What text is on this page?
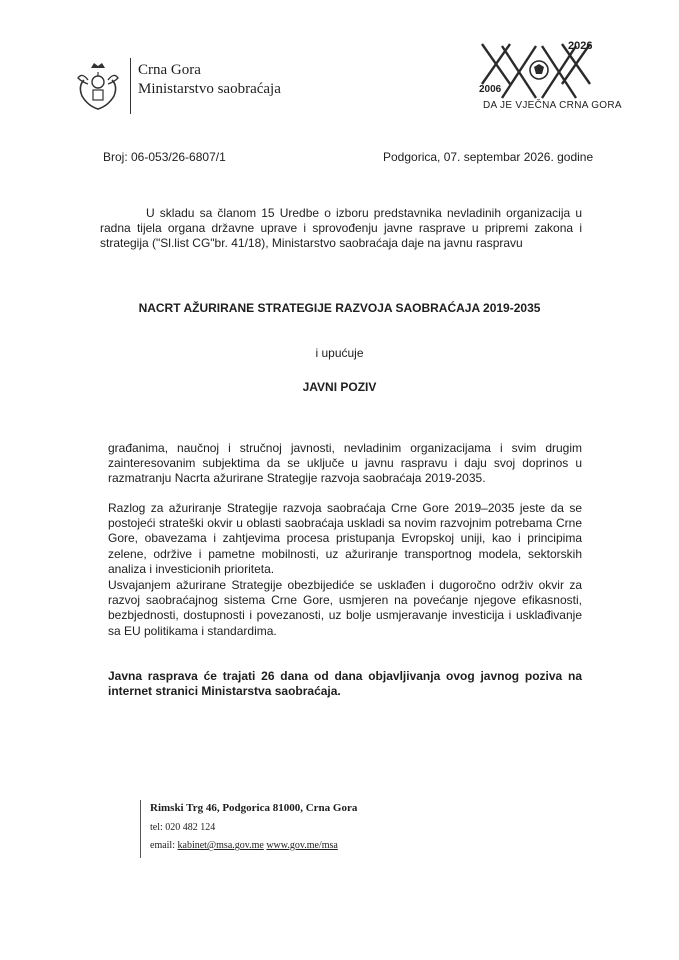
Crna Gora
Ministarstvo saobraćaja
2026
2006
DA JE VJEČNA CRNA GORA
Broj: 06-053/26-6807/1	Podgorica, 07. septembar 2026. godine
U skladu sa članom 15 Uredbe o izboru predstavnika nevladinih organizacija u radna tijela organa državne uprave i sprovođenju javne rasprave u pripremi zakona i strategija ("Sl.list CG"br. 41/18), Ministarstvo saobraćaja daje na javnu raspravu
NACRT AŽURIRANE STRATEGIJE RAZVOJA SAOBRAĆAJA 2019-2035
i upućuje
JAVNI POZIV
građanima, naučnoj i stručnoj javnosti, nevladinim organizacijama i svim drugim zainteresovanim subjektima da se uključe u javnu raspravu i daju svoj doprinos u razmatranju Nacrta ažurirane Strategije razvoja saobraćaja 2019-2035.
Razlog za ažuriranje Strategije razvoja saobraćaja Crne Gore 2019–2035 jeste da se postojeći strateški okvir u oblasti saobraćaja uskladi sa novim razvojnim potrebama Crne Gore, obavezama i zahtjevima procesa pristupanja Evropskoj uniji, kao i principima zelene, održive i pametne mobilnosti, uz ažuriranje transportnog modela, sektorskih analiza i investicionih prioriteta.
Usvajanjem ažurirane Strategije obezbijediće se usklađen i dugoročno održiv okvir za razvoj saobraćajnog sistema Crne Gore, usmjeren na povećanje njegove efikasnosti, bezbjednosti, dostupnosti i povezanosti, uz bolje usmjeravanje investicija i usklađivanje sa EU politikama i standardima.
Javna rasprava će trajati 26 dana od dana objavljivanja ovog javnog poziva na internet stranici Ministarstva saobraćaja.
Rimski Trg 46, Podgorica 81000, Crna Gora
tel: 020 482 124
email: kabinet@msa.gov.me www.gov.me/msa
